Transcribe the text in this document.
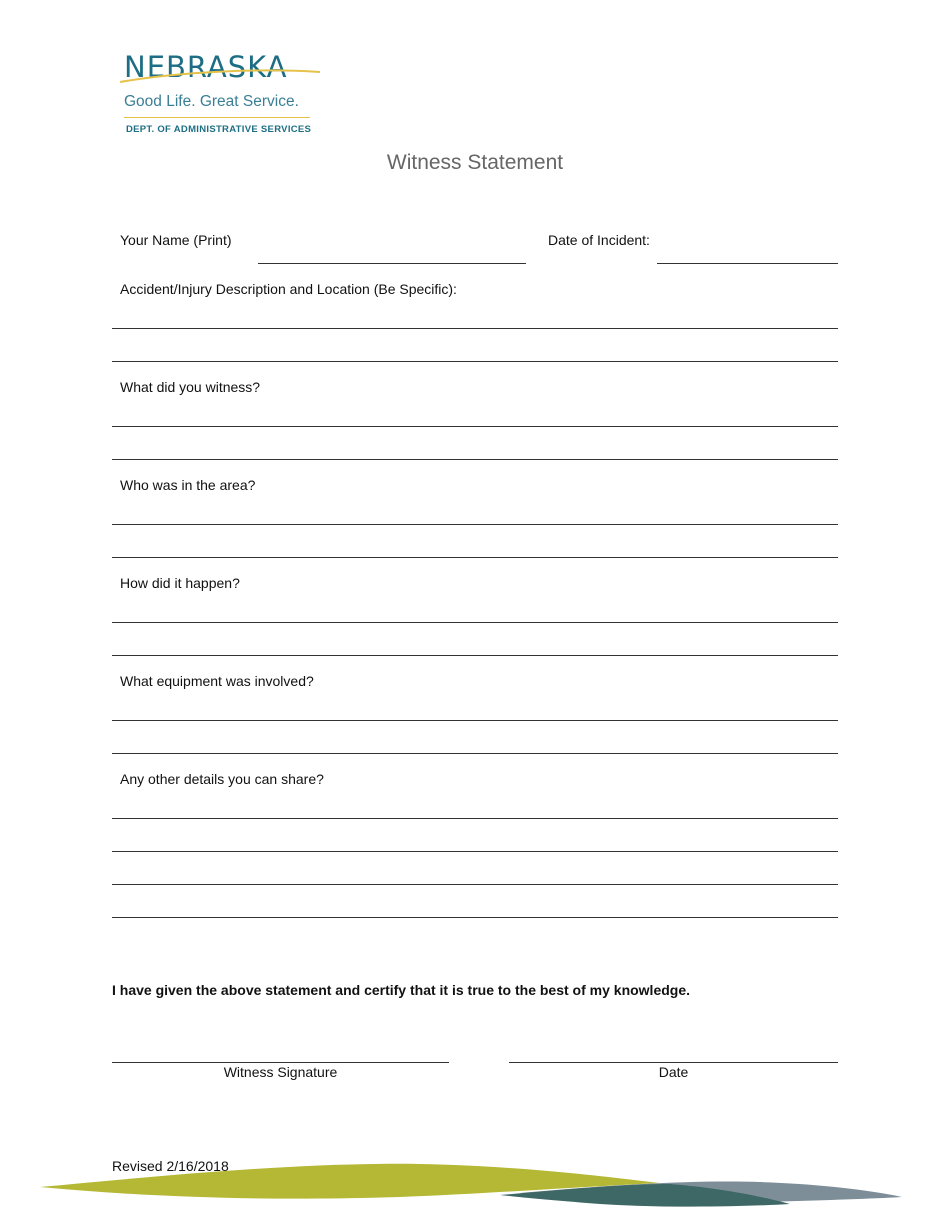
NEBRASKA
Good Life. Great Service.
DEPT. OF ADMINISTRATIVE SERVICES
Witness Statement
Your Name (Print)	Date of Incident:
Accident/Injury Description and Location (Be Specific):
What did you witness?
Who was in the area?
How did it happen?
What equipment was involved?
Any other details you can share?
I have given the above statement and certify that it is true to the best of my knowledge.
Witness Signature	Date
Revised 2/16/2018
